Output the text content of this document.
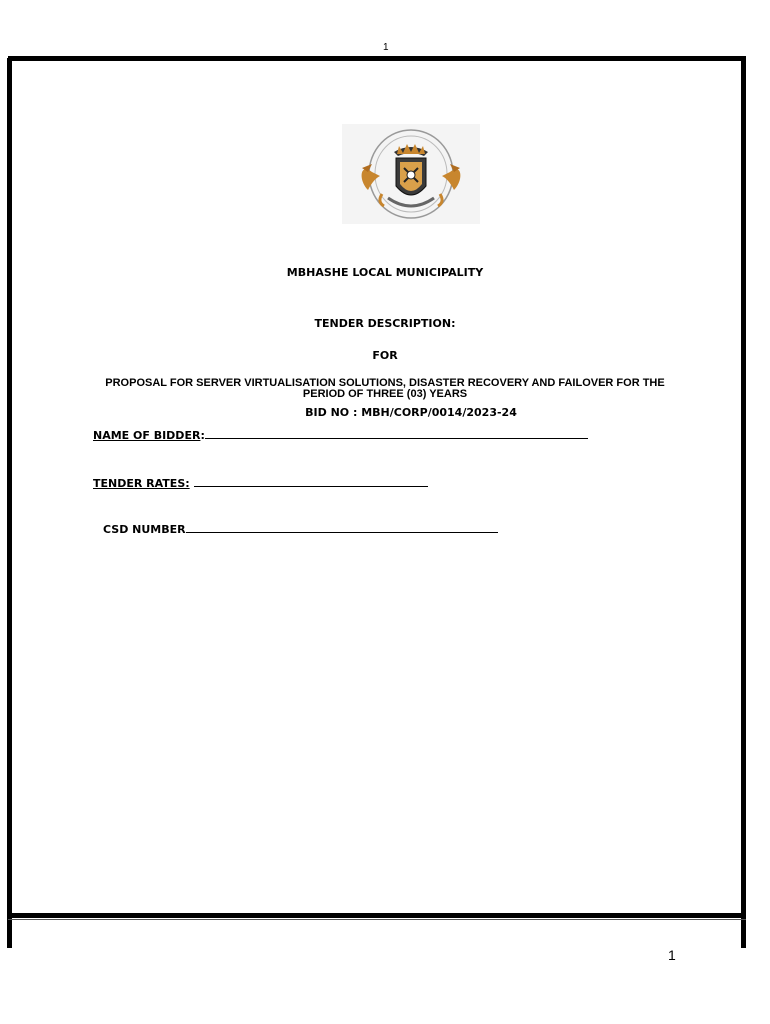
1
MBHASHE LOCAL MUNICIPALITY
TENDER DESCRIPTION:
FOR
PROPOSAL FOR SERVER VIRTUALISATION SOLUTIONS, DISASTER RECOVERY AND FAILOVER FOR THE PERIOD OF THREE (03) YEARS
BID NO : MBH/CORP/0014/2023-24
NAME OF BIDDER:
TENDER RATES:
CSD NUMBER
1
